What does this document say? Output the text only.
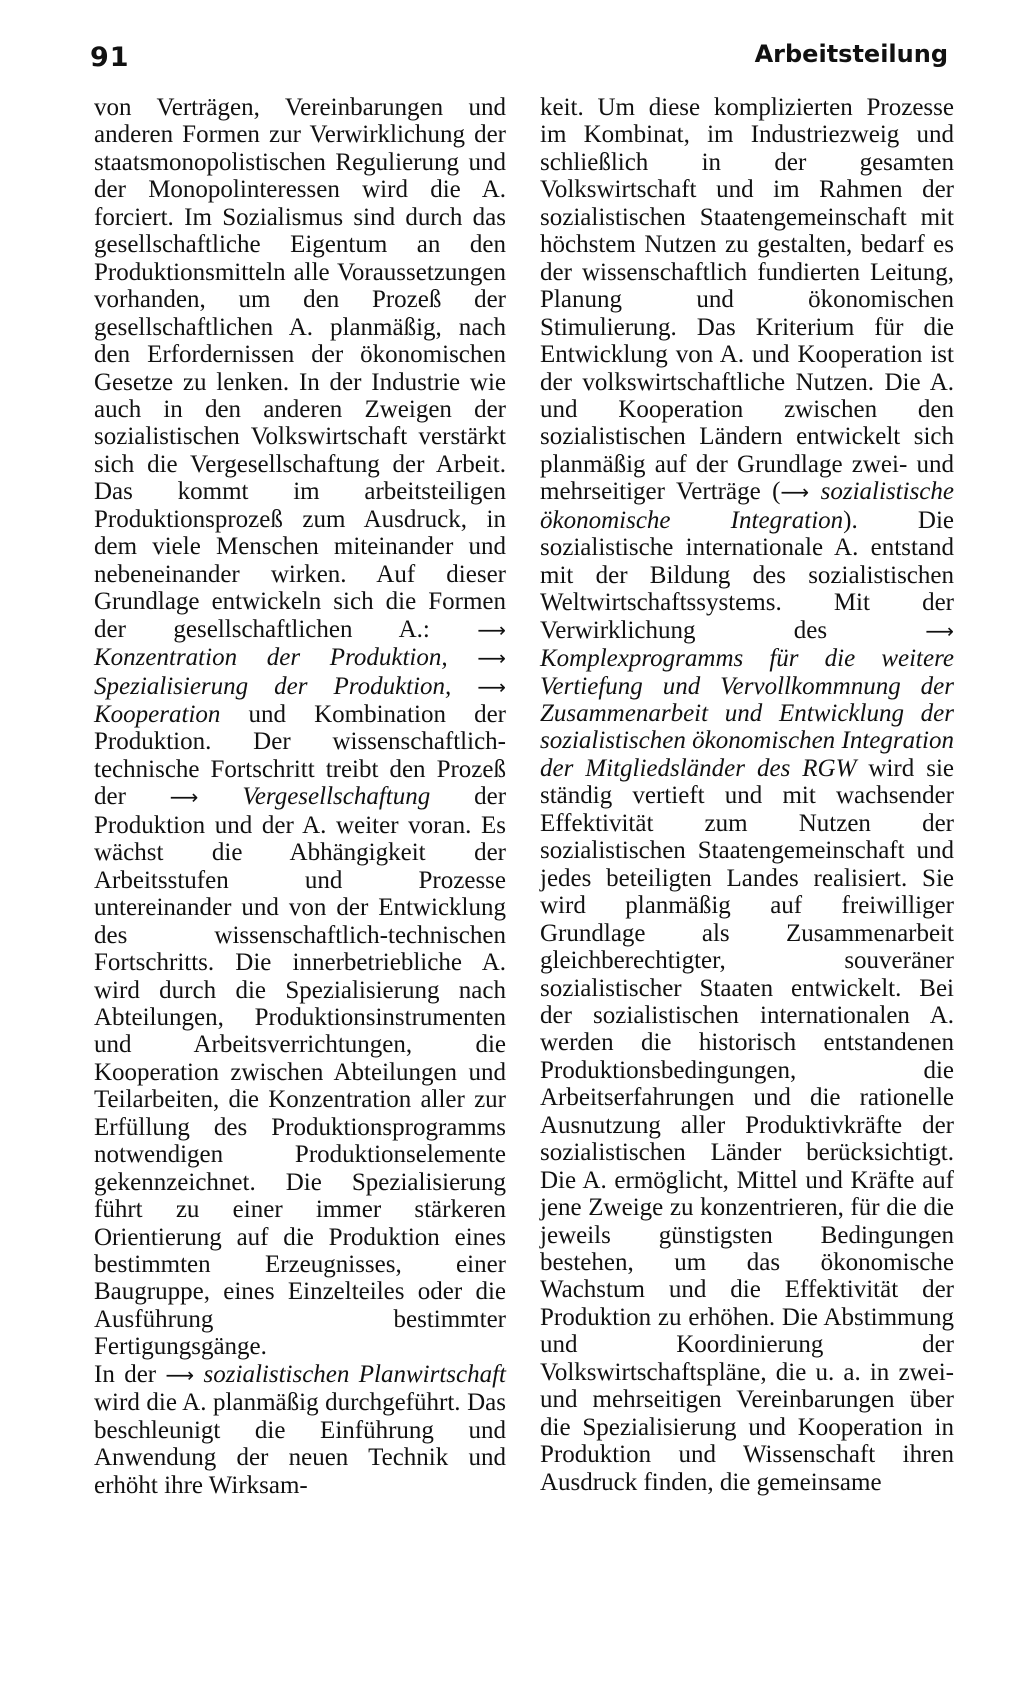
91	Arbeitsteilung

von Verträgen, Vereinbarungen und anderen Formen zur Verwirklichung der staatsmonopolistischen Regulierung und der Monopolinteressen wird die A. forciert. Im Sozialismus sind durch das gesellschaftliche Eigentum an den Produktionsmitteln alle Voraussetzungen vorhanden, um den Prozeß der gesellschaftlichen A. planmäßig, nach den Erfordernissen der ökonomischen Gesetze zu lenken. In der Industrie wie auch in den anderen Zweigen der sozialistischen Volkswirtschaft verstärkt sich die Vergesellschaftung der Arbeit. Das kommt im arbeitsteiligen Produktionsprozeß zum Ausdruck, in dem viele Menschen miteinander und nebeneinander wirken. Auf dieser Grundlage entwickeln sich die Formen der gesellschaftlichen A.: ⟶ Konzentration der Produktion, ⟶ Spezialisierung der Produktion, ⟶ Kooperation und Kombination der Produktion. Der wissenschaftlich-technische Fortschritt treibt den Prozeß der ⟶ Vergesellschaftung der Produktion und der A. weiter voran. Es wächst die Abhängigkeit der Arbeitsstufen und Prozesse untereinander und von der Entwicklung des wissenschaftlich-technischen Fortschritts. Die innerbetriebliche A. wird durch die Spezialisierung nach Abteilungen, Produktionsinstrumenten und Arbeitsverrichtungen, die Kooperation zwischen Abteilungen und Teilarbeiten, die Konzentration aller zur Erfüllung des Produktionsprogramms notwendigen Produktionselemente gekennzeichnet. Die Spezialisierung führt zu einer immer stärkeren Orientierung auf die Produktion eines bestimmten Erzeugnisses, einer Baugruppe, eines Einzelteiles oder die Ausführung bestimmter Fertigungsgänge.

In der ⟶ sozialistischen Planwirtschaft wird die A. planmäßig durchgeführt. Das beschleunigt die Einführung und Anwendung der neuen Technik und erhöht ihre Wirksam-

keit. Um diese komplizierten Prozesse im Kombinat, im Industriezweig und schließlich in der gesamten Volkswirtschaft und im Rahmen der sozialistischen Staatengemeinschaft mit höchstem Nutzen zu gestalten, bedarf es der wissenschaftlich fundierten Leitung, Planung und ökonomischen Stimulierung. Das Kriterium für die Entwicklung von A. und Kooperation ist der volkswirtschaftliche Nutzen. Die A. und Kooperation zwischen den sozialistischen Ländern entwickelt sich planmäßig auf der Grundlage zwei- und mehrseitiger Verträge (⟶ sozialistische ökonomische Integration). Die sozialistische internationale A. entstand mit der Bildung des sozialistischen Weltwirtschaftssystems. Mit der Verwirklichung des	⟶ Komplexprogramms für die weitere Vertiefung und Vervollkommnung der Zusammenarbeit und Entwicklung der sozialistischen ökonomischen Integration der Mitgliedsländer des RGW wird sie ständig vertieft und mit wachsender Effektivität zum Nutzen der sozialistischen Staatengemeinschaft und jedes beteiligten Landes realisiert. Sie wird planmäßig auf freiwilliger Grundlage als Zusammenarbeit gleichberechtigter, souveräner sozialistischer Staaten entwickelt. Bei der sozialistischen internationalen A. werden die historisch entstandenen Produktionsbedingungen, die Arbeitserfahrungen und die rationelle Ausnutzung aller Produktivkräfte der sozialistischen Länder berücksichtigt. Die A. ermöglicht, Mittel und Kräfte auf jene Zweige zu konzentrieren, für die die jeweils günstigsten Bedingungen bestehen, um das ökonomische Wachstum und die Effektivität der Produktion zu erhöhen. Die Abstimmung und Koordinierung der Volkswirtschaftspläne, die u. a. in zwei- und mehrseitigen Vereinbarungen über die Spezialisierung und Kooperation in Produktion und Wissenschaft ihren Ausdruck finden, die gemeinsame
